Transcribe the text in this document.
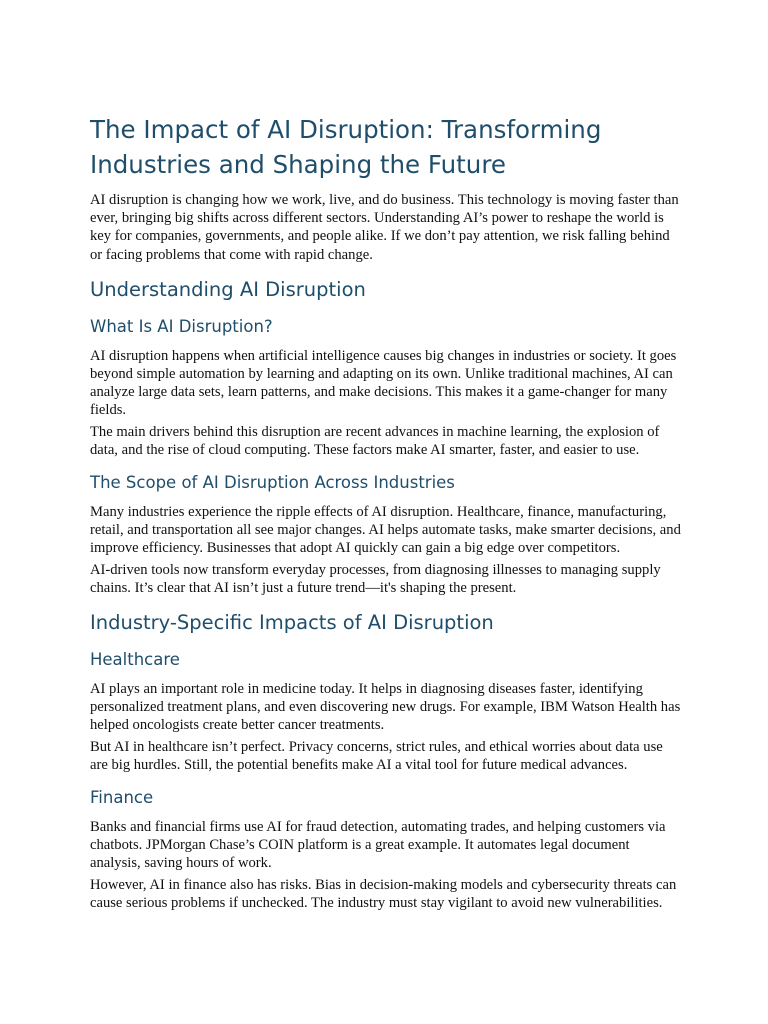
The Impact of AI Disruption: Transforming Industries and Shaping the Future

AI disruption is changing how we work, live, and do business. This technology is moving faster than ever, bringing big shifts across different sectors. Understanding AI’s power to reshape the world is key for companies, governments, and people alike. If we don’t pay attention, we risk falling behind or facing problems that come with rapid change.

Understanding AI Disruption
What Is AI Disruption?

AI disruption happens when artificial intelligence causes big changes in industries or society. It goes beyond simple automation by learning and adapting on its own. Unlike traditional machines, AI can analyze large data sets, learn patterns, and make decisions. This makes it a game-changer for many fields.

The main drivers behind this disruption are recent advances in machine learning, the explosion of data, and the rise of cloud computing. These factors make AI smarter, faster, and easier to use.

The Scope of AI Disruption Across Industries

Many industries experience the ripple effects of AI disruption. Healthcare, finance, manufacturing, retail, and transportation all see major changes. AI helps automate tasks, make smarter decisions, and improve efficiency. Businesses that adopt AI quickly can gain a big edge over competitors.

AI-driven tools now transform everyday processes, from diagnosing illnesses to managing supply chains. It’s clear that AI isn’t just a future trend—it's shaping the present.

Industry-Specific Impacts of AI Disruption
Healthcare

AI plays an important role in medicine today. It helps in diagnosing diseases faster, identifying personalized treatment plans, and even discovering new drugs. For example, IBM Watson Health has helped oncologists create better cancer treatments.

But AI in healthcare isn’t perfect. Privacy concerns, strict rules, and ethical worries about data use are big hurdles. Still, the potential benefits make AI a vital tool for future medical advances.

Finance

Banks and financial firms use AI for fraud detection, automating trades, and helping customers via chatbots. JPMorgan Chase’s COIN platform is a great example. It automates legal document analysis, saving hours of work.

However, AI in finance also has risks. Bias in decision-making models and cybersecurity threats can cause serious problems if unchecked. The industry must stay vigilant to avoid new vulnerabilities.
